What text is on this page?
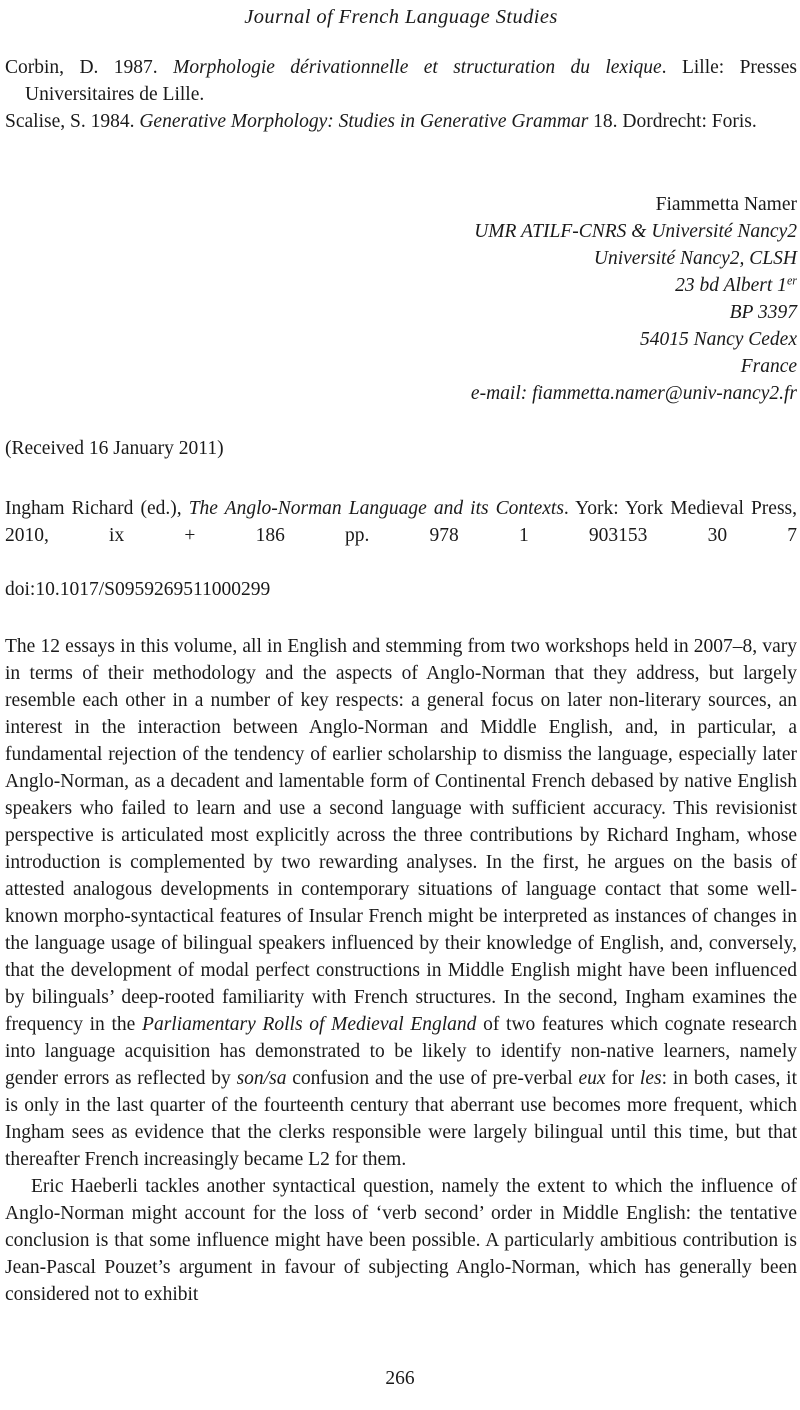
Journal of French Language Studies

Corbin, D. 1987. Morphologie dérivationnelle et structuration du lexique. Lille: Presses Universitaires de Lille.

Scalise, S. 1984. Generative Morphology: Studies in Generative Grammar 18. Dordrecht: Foris.

Fiammetta Namer
UMR ATILF-CNRS & Université Nancy2
Université Nancy2, CLSH
23 bd Albert 1er
BP 3397
54015 Nancy Cedex
France
e-mail: fiammetta.namer@univ-nancy2.fr
(Received 16 January 2011)
Ingham Richard (ed.), The Anglo-Norman Language and its Contexts. York: York Medieval Press, 2010, ix + 186 pp. 978 1 903153 30 7
doi:10.1017/S0959269511000299

The 12 essays in this volume, all in English and stemming from two workshops held in 2007–8, vary in terms of their methodology and the aspects of Anglo-Norman that they address, but largely resemble each other in a number of key respects: a general focus on later non-literary sources, an interest in the interaction between Anglo-Norman and Middle English, and, in particular, a fundamental rejection of the tendency of earlier scholarship to dismiss the language, especially later Anglo-Norman, as a decadent and lamentable form of Continental French debased by native English speakers who failed to learn and use a second language with sufficient accuracy. This revisionist perspective is articulated most explicitly across the three contributions by Richard Ingham, whose introduction is complemented by two rewarding analyses. In the first, he argues on the basis of attested analogous developments in contemporary situations of language contact that some well-known morpho-syntactical features of Insular French might be interpreted as instances of changes in the language usage of bilingual speakers influenced by their knowledge of English, and, conversely, that the development of modal perfect constructions in Middle English might have been influenced by bilinguals’ deep-rooted familiarity with French structures. In the second, Ingham examines the frequency in the Parliamentary Rolls of Medieval England of two features which cognate research into language acquisition has demonstrated to be likely to identify non-native learners, namely gender errors as reflected by son/sa confusion and the use of pre-verbal eux for les: in both cases, it is only in the last quarter of the fourteenth century that aberrant use becomes more frequent, which Ingham sees as evidence that the clerks responsible were largely bilingual until this time, but that thereafter French increasingly became L2 for them.

Eric Haeberli tackles another syntactical question, namely the extent to which the influence of Anglo-Norman might account for the loss of ‘verb second’ order in Middle English: the tentative conclusion is that some influence might have been possible. A particularly ambitious contribution is Jean-Pascal Pouzet’s argument in favour of subjecting Anglo-Norman, which has generally been considered not to exhibit

266
